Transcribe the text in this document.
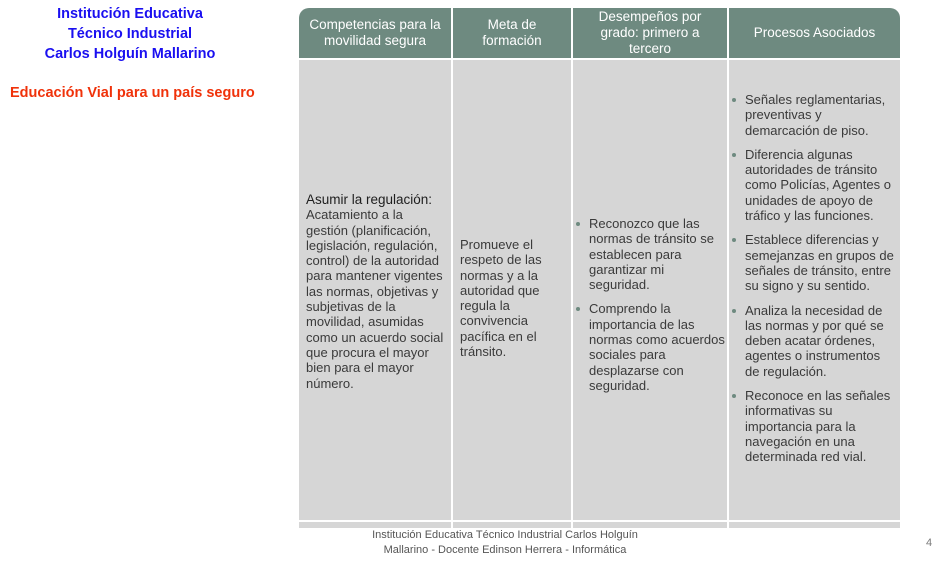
Institución Educativa
Técnico Industrial
Carlos Holguín Mallarino
Educación Vial para un país seguro
Competencias para la movilidad segura
Meta de formación
Desempeños por grado: primero a tercero
Procesos Asociados
Asumir la regulación:
Acatamiento a la gestión (planificación, legislación, regulación, control) de la autoridad para mantener vigentes las normas, objetivas y subjetivas de la movilidad, asumidas como un acuerdo social que procura el mayor bien para el mayor número.
Promueve el respeto de las normas y a la autoridad que regula la convivencia pacífica en el tránsito.
Reconozco que las normas de tránsito se establecen para garantizar mi seguridad.
Comprendo la importancia de las normas como acuerdos sociales para desplazarse con seguridad.
Señales reglamentarias, preventivas y demarcación de piso.
Diferencia algunas autoridades de tránsito como Policías, Agentes o unidades de apoyo de tráfico y las funciones.
Establece diferencias y semejanzas en grupos de señales de tránsito, entre su signo y su sentido.
Analiza la necesidad de las normas y por qué se deben acatar órdenes, agentes o instrumentos de regulación.
Reconoce en las señales informativas su importancia para la navegación en una determinada red vial.
Institución Educativa Técnico Industrial Carlos Holguín
Mallarino - Docente Edinson Herrera - Informática
4
